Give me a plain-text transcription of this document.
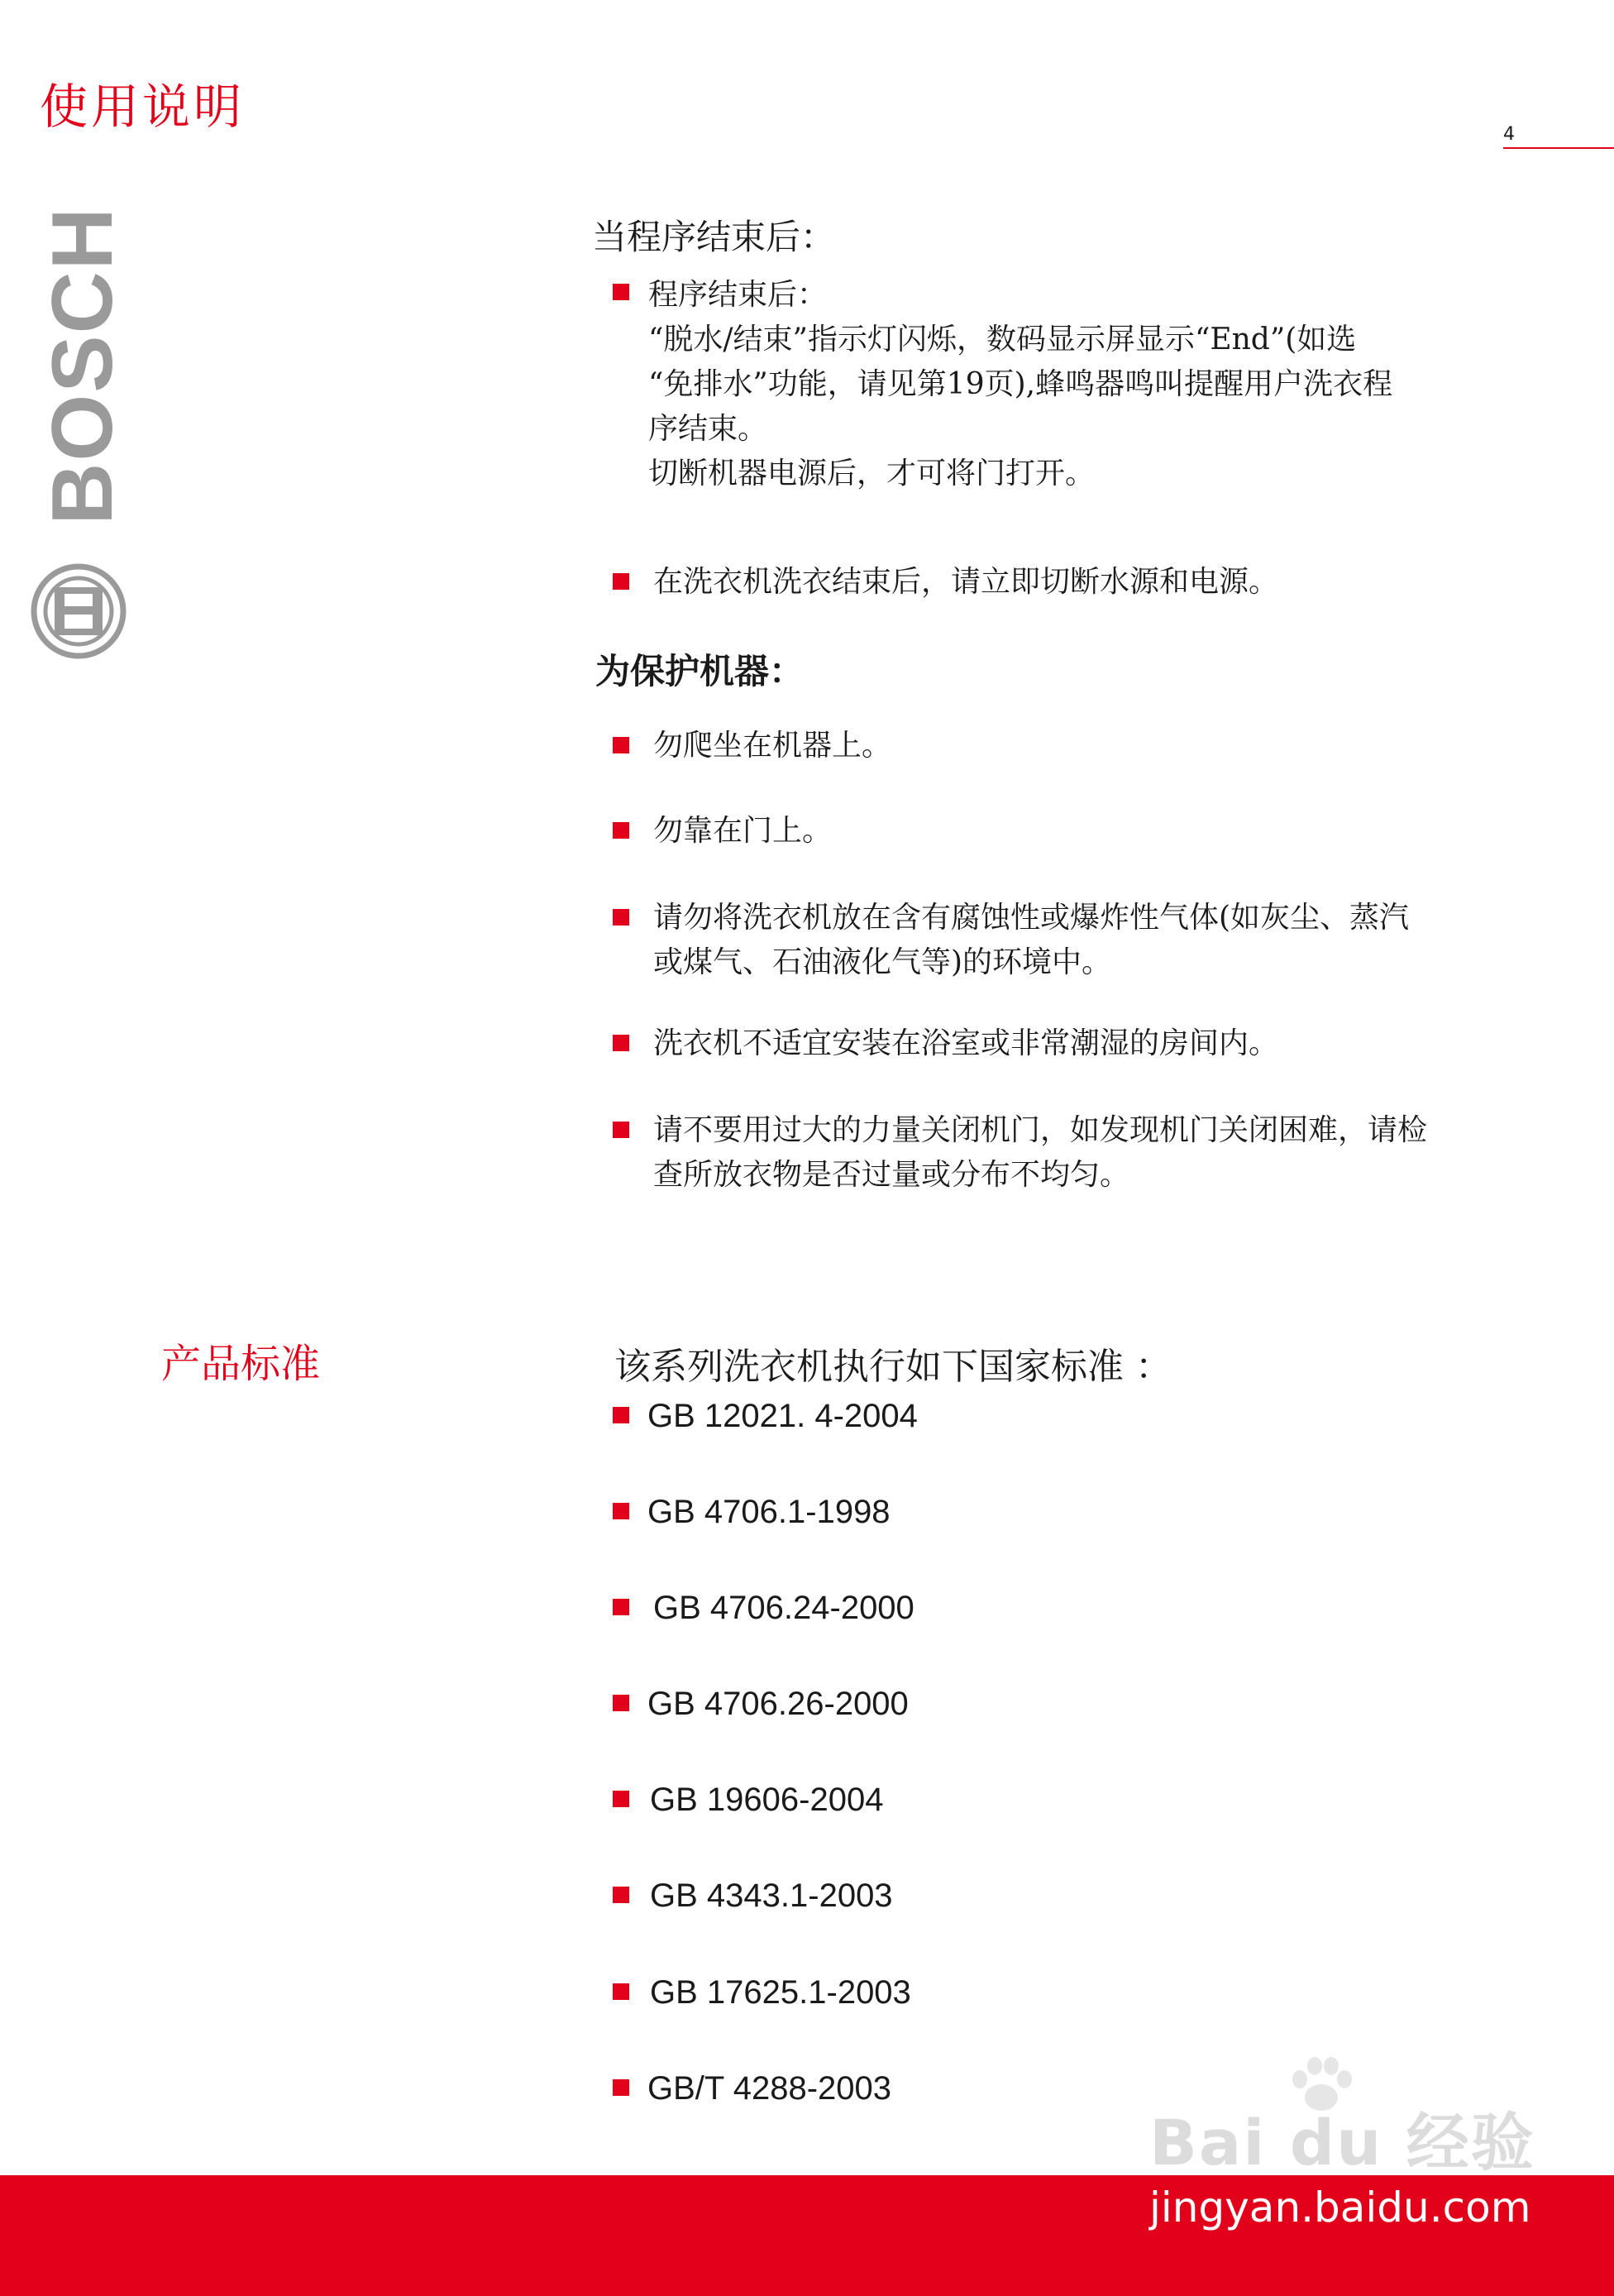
使用说明	4
BOSCH	当程序结束后：
程序结束后：
“脱水/结束”指示灯闪烁，数码显示屏显示“End”(如选
“免排水”功能，请见第19页),蜂鸣器鸣叫提醒用户洗衣程
序结束。
切断机器电源后，才可将门打开。
在洗衣机洗衣结束后，请立即切断水源和电源。
为保护机器：
勿爬坐在机器上。
勿靠在门上。
请勿将洗衣机放在含有腐蚀性或爆炸性气体(如灰尘、蒸汽
或煤气、石油液化气等)的环境中。
洗衣机不适宜安装在浴室或非常潮湿的房间内。
请不要用过大的力量关闭机门，如发现机门关闭困难，请检
查所放衣物是否过量或分布不均匀。
产品标准	该系列洗衣机执行如下国家标准 ：
GB 12021. 4-2004
GB 4706.1-1998
GB 4706.24-2000
GB 4706.26-2000
GB 19606-2004
GB 4343.1-2003
GB 17625.1-2003
GB/T 4288-2003
Bai du 经验
jingyan.baidu.com
